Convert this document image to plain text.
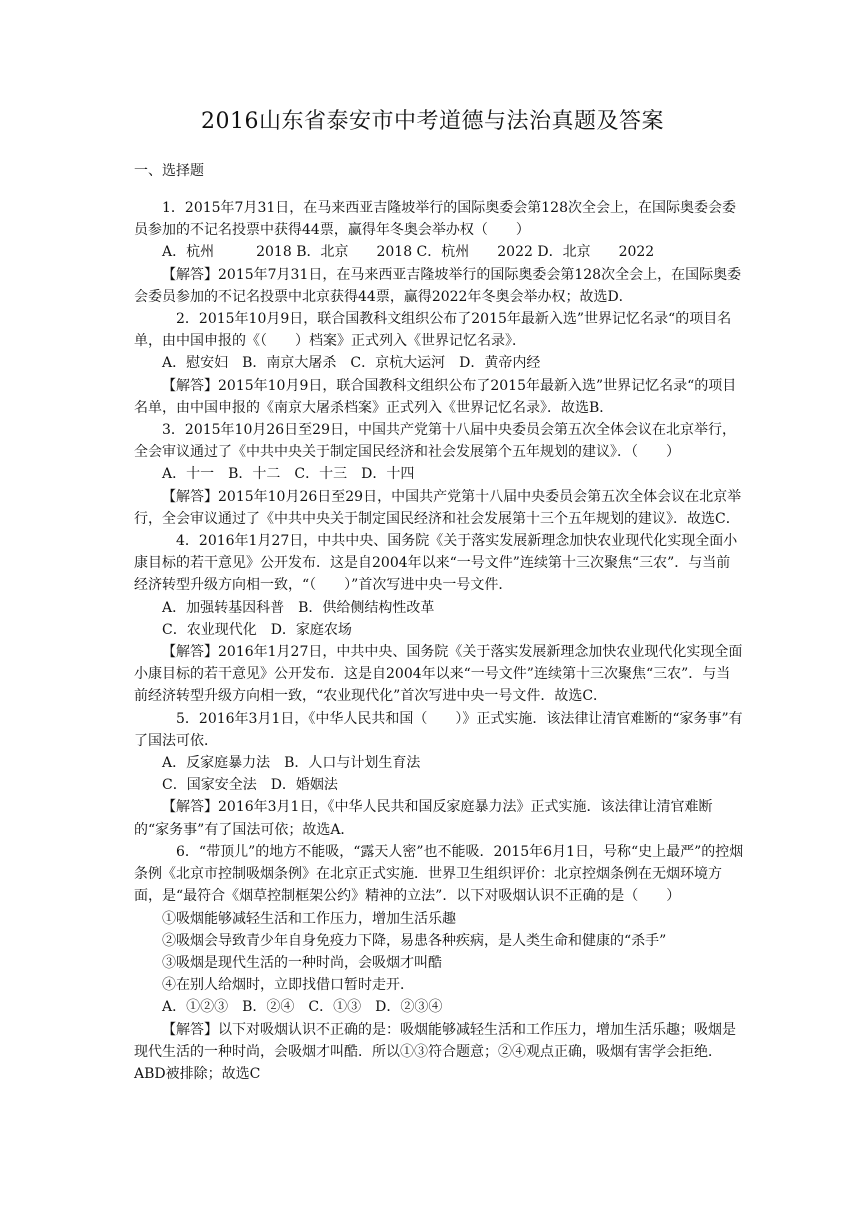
2016山东省泰安市中考道德与法治真题及答案
一、选择题

1．2015年7月31日，在马来西亚吉隆坡举行的国际奥委会第128次全会上，在国际奥委会委员参加的不记名投票中获得44票，赢得年冬奥会举办权（　　）

A．杭州　　　2018 B．北京　　2018 C．杭州　　2022 D．北京　　2022

【解答】2015年7月31日，在马来西亚吉隆坡举行的国际奥委会第128次全会上，在国际奥委会委员参加的不记名投票中北京获得44票，赢得2022年冬奥会举办权；故选D．

2．2015年10月9日，联合国教科文组织公布了2015年最新入选”世界记忆名录“的项目名单，由中国申报的《（　　）档案》正式列入《世界记忆名录》．

A．慰安妇　B．南京大屠杀　C．京杭大运河　D．黄帝内经

【解答】2015年10月9日，联合国教科文组织公布了2015年最新入选”世界记忆名录“的项目名单，由中国申报的《南京大屠杀档案》正式列入《世界记忆名录》．故选B．

3．2015年10月26日至29日，中国共产党第十八届中央委员会第五次全体会议在北京举行，全会审议通过了《中共中央关于制定国民经济和社会发展第个五年规划的建议》．（　　）

A．十一　B．十二　C．十三　D．十四

【解答】2015年10月26日至29日，中国共产党第十八届中央委员会第五次全体会议在北京举行，全会审议通过了《中共中央关于制定国民经济和社会发展第十三个五年规划的建议》．故选C．

4．2016年1月27日，中共中央、国务院《关于落实发展新理念加快农业现代化实现全面小康目标的若干意见》公开发布．这是自2004年以来“一号文件”连续第十三次聚焦“三农”．与当前经济转型升级方向相一致，“（　　）”首次写进中央一号文件．

A．加强转基因科普　B．供给侧结构性改革

C．农业现代化　D．家庭农场

【解答】2016年1月27日，中共中央、国务院《关于落实发展新理念加快农业现代化实现全面小康目标的若干意见》公开发布．这是自2004年以来“一号文件”连续第十三次聚焦“三农”．与当前经济转型升级方向相一致，“农业现代化”首次写进中央一号文件．故选C．

5．2016年3月1日，《中华人民共和国（　　）》正式实施．该法律让清官难断的“家务事”有了国法可依．

A．反家庭暴力法　B．人口与计划生育法

C．国家安全法　D．婚姻法

【解答】2016年3月1日，《中华人民共和国反家庭暴力法》正式实施．该法律让清官难断的“家务事”有了国法可依；故选A．

6．“带顶儿”的地方不能吸，“露天人密”也不能吸．2015年6月1日，号称“史上最严”的控烟条例《北京市控制吸烟条例》在北京正式实施．世界卫生组织评价：北京控烟条例在无烟环境方面，是“最符合《烟草控制框架公约》精神的立法”．以下对吸烟认识不正确的是（　　）

①吸烟能够减轻生活和工作压力，增加生活乐趣

②吸烟会导致青少年自身免疫力下降，易患各种疾病，是人类生命和健康的“杀手”

③吸烟是现代生活的一种时尚，会吸烟才叫酷

④在别人给烟时，立即找借口暂时走开．

A．①②③　B．②④　C．①③　D．②③④

【解答】以下对吸烟认识不正确的是：吸烟能够减轻生活和工作压力，增加生活乐趣；吸烟是现代生活的一种时尚，会吸烟才叫酷．所以①③符合题意；②④观点正确，吸烟有害学会拒绝．ABD被排除；故选C
